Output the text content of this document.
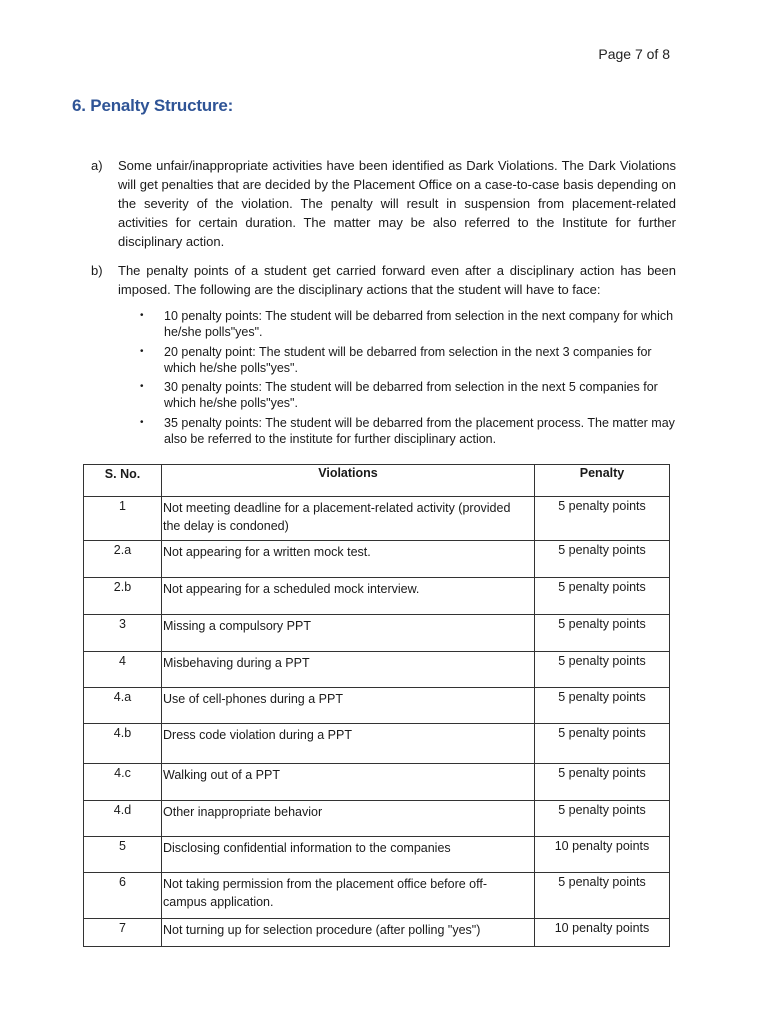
Page 7 of 8
6. Penalty Structure:
a) Some unfair/inappropriate activities have been identified as Dark Violations. The Dark Violations will get penalties that are decided by the Placement Office on a case-to-case basis depending on the severity of the violation. The penalty will result in suspension from placement-related activities for certain duration. The matter may be also referred to the Institute for further disciplinary action.
b) The penalty points of a student get carried forward even after a disciplinary action has been imposed. The following are the disciplinary actions that the student will have to face:
• 10 penalty points: The student will be debarred from selection in the next company for which he/she polls"yes".
• 20 penalty point: The student will be debarred from selection in the next 3 companies for which he/she polls"yes".
• 30 penalty points: The student will be debarred from selection in the next 5 companies for which he/she polls"yes".
• 35 penalty points: The student will be debarred from the placement process. The matter may also be referred to the institute for further disciplinary action.
S. No.	Violations	Penalty
1	Not meeting deadline for a placement-related activity (provided the delay is condoned)	5 penalty points
2.a	Not appearing for a written mock test.	5 penalty points
2.b	Not appearing for a scheduled mock interview.	5 penalty points
3	Missing a compulsory PPT	5 penalty points
4	Misbehaving during a PPT	5 penalty points
4.a	Use of cell-phones during a PPT	5 penalty points
4.b	Dress code violation during a PPT	5 penalty points
4.c	Walking out of a PPT	5 penalty points
4.d	Other inappropriate behavior	5 penalty points
5	Disclosing confidential information to the companies	10 penalty points
6	Not taking permission from the placement office before off-campus application.	5 penalty points
7	Not turning up for selection procedure (after polling "yes")	10 penalty points
